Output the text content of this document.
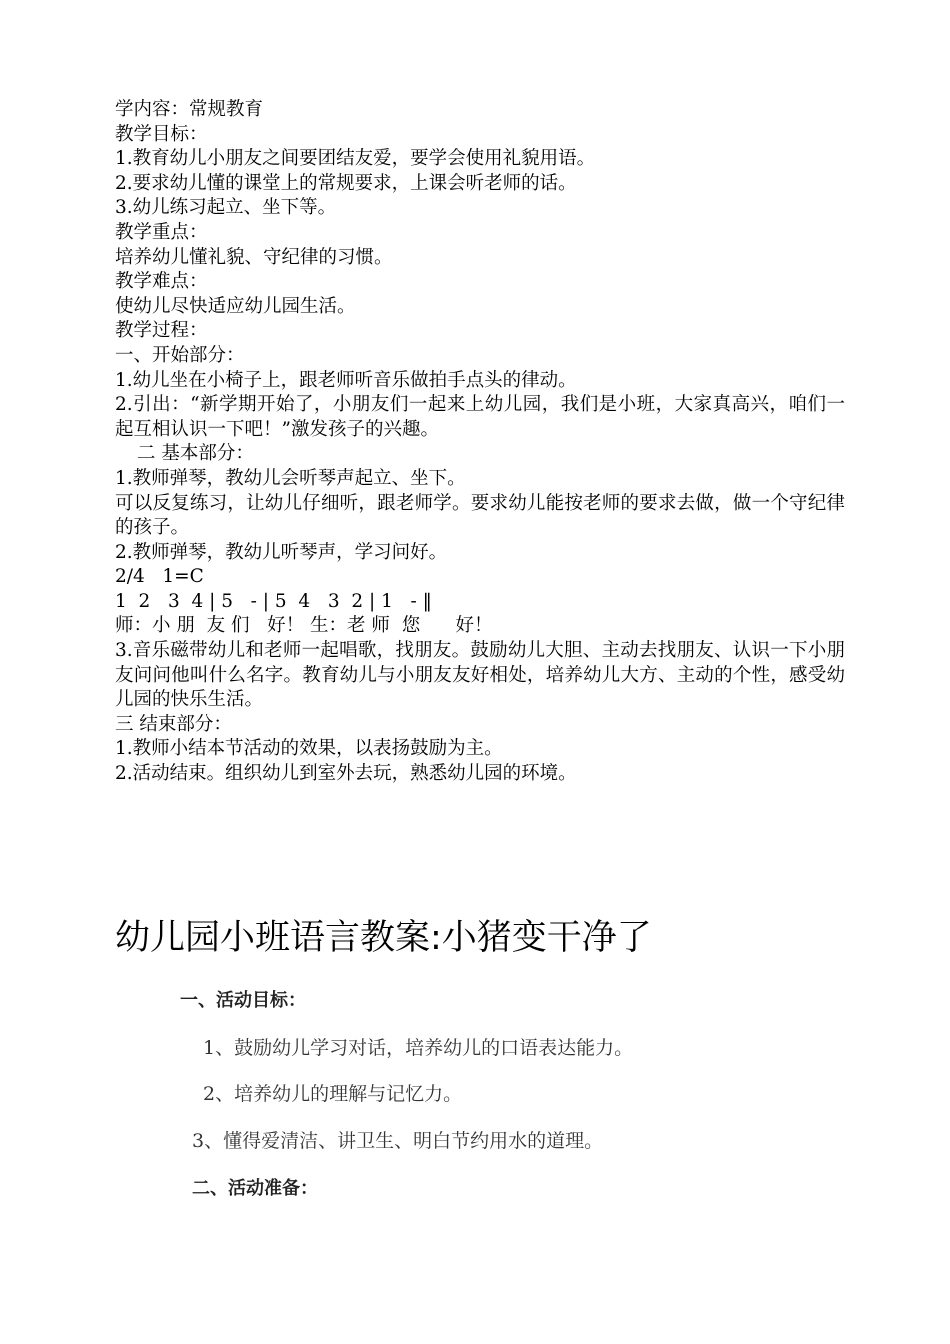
学内容：常规教育
教学目标：
1.教育幼儿小朋友之间要团结友爱，要学会使用礼貌用语。
2.要求幼儿懂的课堂上的常规要求，上课会听老师的话。
3.幼儿练习起立、坐下等。
教学重点：
培养幼儿懂礼貌、守纪律的习惯。
教学难点：
使幼儿尽快适应幼儿园生活。
教学过程：
一、开始部分：
1.幼儿坐在小椅子上，跟老师听音乐做拍手点头的律动。
2.引出：“新学期开始了，小朋友们一起来上幼儿园，我们是小班，大家真高兴，咱们一起互相认识一下吧！”激发孩子的兴趣。
二 基本部分：
1.教师弹琴，教幼儿会听琴声起立、坐下。
可以反复练习，让幼儿仔细听，跟老师学。要求幼儿能按老师的要求去做，做一个守纪律的孩子。
2.教师弹琴，教幼儿听琴声，学习问好。
2/4   1=C
1  2   3  4 | 5   - | 5  4   3  2 | 1   - ‖
师：小 朋  友 们   好！ 生：老 师  您      好！
3.音乐磁带幼儿和老师一起唱歌，找朋友。鼓励幼儿大胆、主动去找朋友、认识一下小朋友问问他叫什么名字。教育幼儿与小朋友友好相处，培养幼儿大方、主动的个性，感受幼儿园的快乐生活。
三 结束部分：
1.教师小结本节活动的效果，以表扬鼓励为主。
2.活动结束。组织幼儿到室外去玩，熟悉幼儿园的环境。
幼儿园小班语言教案:小猪变干净了
一、活动目标：
1、鼓励幼儿学习对话，培养幼儿的口语表达能力。
2、培养幼儿的理解与记忆力。
3、懂得爱清洁、讲卫生、明白节约用水的道理。
二、活动准备：
